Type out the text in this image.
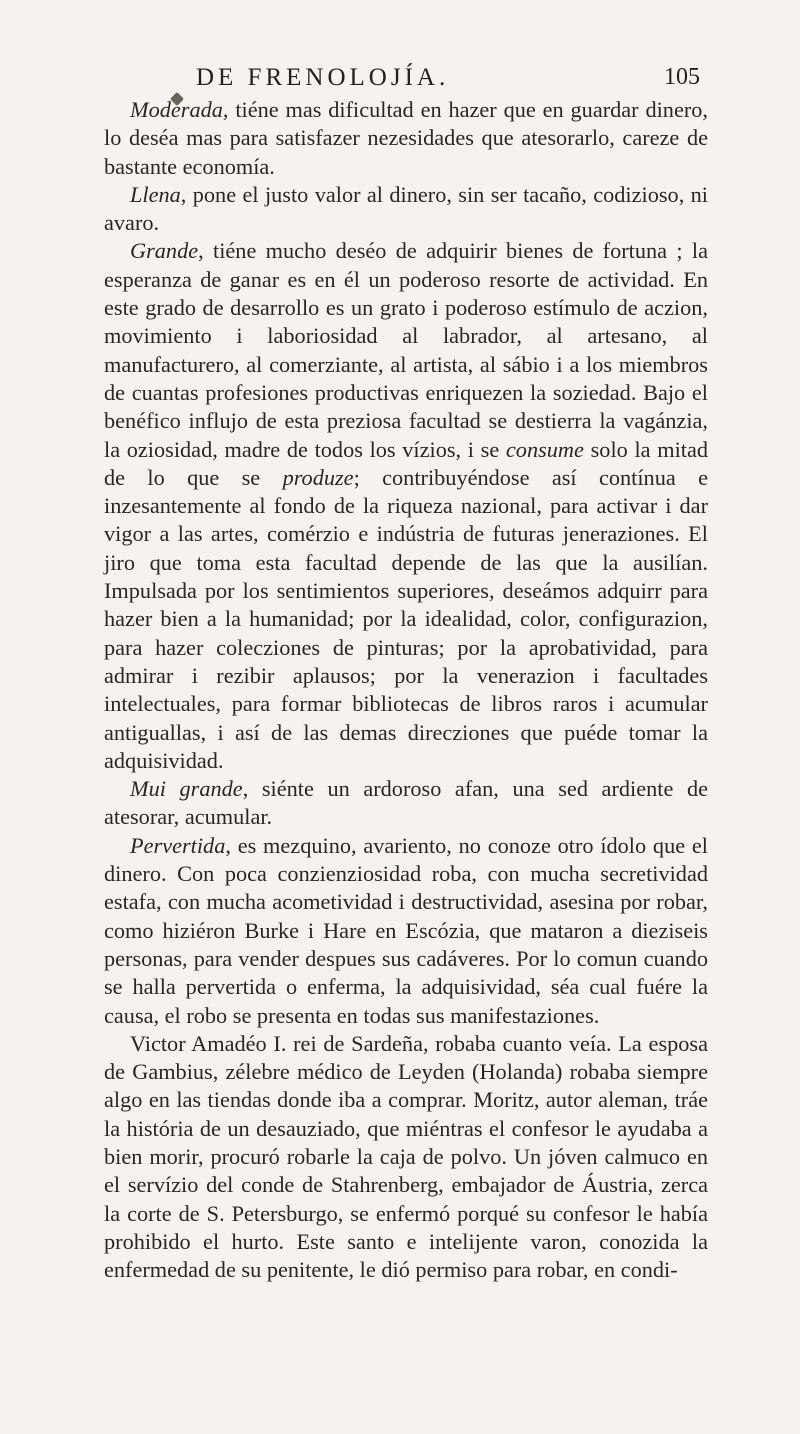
DE FRENOLOJÍA.	105

Moderada, tiéne mas dificultad en hazer que en guardar dinero, lo deséa mas para satisfazer nezesidades que atesorarlo, careze de bastante economía.

Llena, pone el justo valor al dinero, sin ser tacaño, codizioso, ni avaro.

Grande, tiéne mucho deséo de adquirir bienes de fortuna ; la esperanza de ganar es en él un poderoso resorte de actividad. En este grado de desarrollo es un grato i poderoso estímulo de aczion, movimiento i laboriosidad al labrador, al artesano, al manufacturero, al comerziante, al artista, al sábio i a los miembros de cuantas profesiones productivas enriquezen la soziedad. Bajo el benéfico influjo de esta preziosa facultad se destierra la vagánzia, la oziosidad, madre de todos los vízios, i se consume solo la mitad de lo que se produze; contribuyéndose así contínua e inzesantemente al fondo de la riqueza nazional, para activar i dar vigor a las artes, comérzio e indústria de futuras jeneraziones. El jiro que toma esta facultad depende de las que la ausilían. Impulsada por los sentimientos superiores, deseámos adquirr para hazer bien a la humanidad; por la idealidad, color, configurazion, para hazer colecziones de pinturas; por la aprobatividad, para admirar i rezibir aplausos; por la venerazion i facultades intelectuales, para formar bibliotecas de libros raros i acumular antiguallas, i así de las demas direcziones que puéde tomar la adquisividad.

Mui grande, siénte un ardoroso afan, una sed ardiente de atesorar, acumular.

Pervertida, es mezquino, avariento, no conoze otro ídolo que el dinero. Con poca conzienziosidad roba, con mucha secretividad estafa, con mucha acometividad i destructividad, asesina por robar, como hiziéron Burke i Hare en Escózia, que mataron a dieziseis personas, para vender despues sus cadáveres. Por lo comun cuando se halla pervertida o enferma, la adquisividad, séa cual fuére la causa, el robo se presenta en todas sus manifestaziones.

Victor Amadéo I. rei de Sardeña, robaba cuanto veía. La esposa de Gambius, zélebre médico de Leyden (Holanda) robaba siempre algo en las tiendas donde iba a comprar. Moritz, autor aleman, tráe la história de un desauziado, que miéntras el confesor le ayudaba a bien morir, procuró robarle la caja de polvo. Un jóven calmuco en el servízio del conde de Stahrenberg, embajador de Áustria, zerca la corte de S. Petersburgo, se enfermó porqué su confesor le había prohibido el hurto. Este santo e intelijente varon, conozida la enfermedad de su penitente, le dió permiso para robar, en condi-
